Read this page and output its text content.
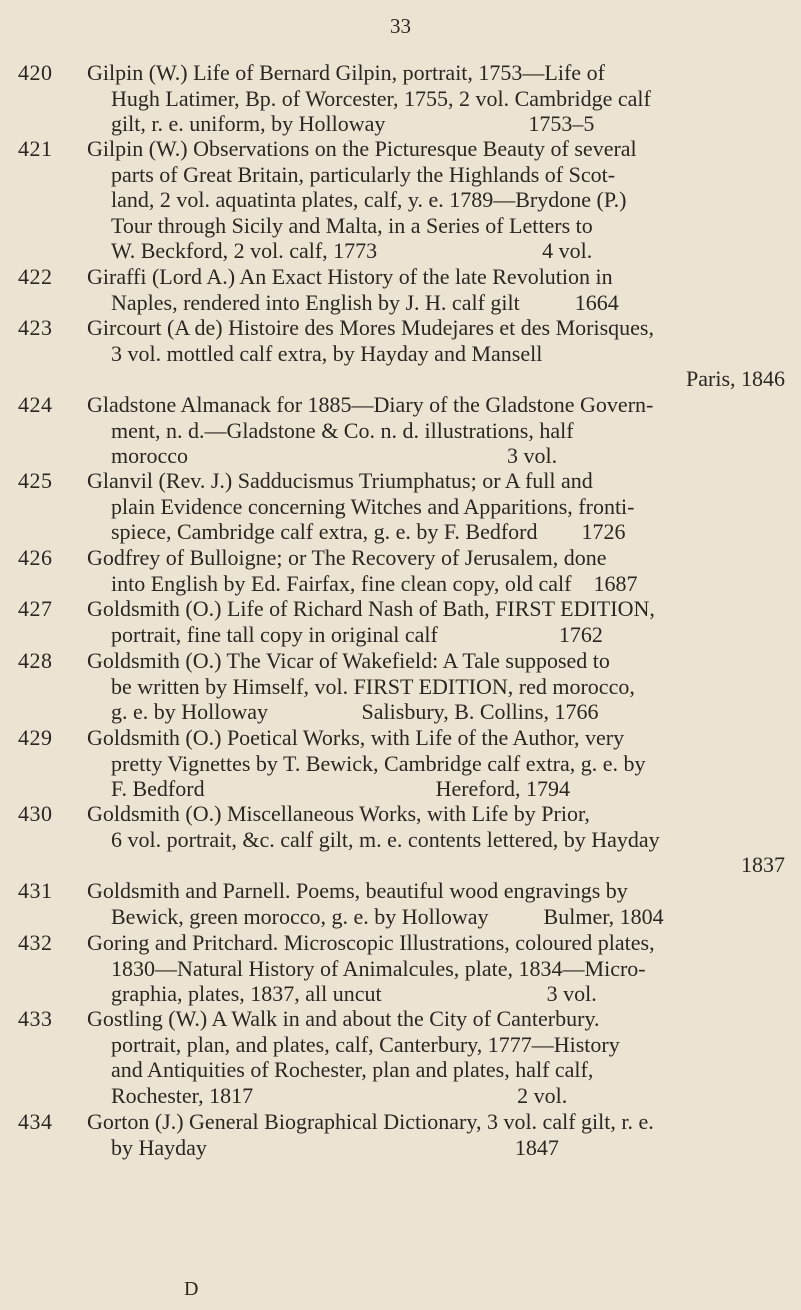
33
420	Gilpin (W.) Life of Bernard Gilpin, portrait, 1753—Life of
Hugh Latimer, Bp. of Worcester, 1755, 2 vol. Cambridge calf
gilt, r. e. uniform, by Holloway                          1753–5
421	Gilpin (W.) Observations on the Picturesque Beauty of several
parts of Great Britain, particularly the Highlands of Scot-
land, 2 vol. aquatinta plates, calf, y. e. 1789—Brydone (P.)
Tour through Sicily and Malta, in a Series of Letters to
W. Beckford, 2 vol. calf, 1773                              4 vol.
422	Giraffi (Lord A.) An Exact History of the late Revolution in
Naples, rendered into English by J. H. calf gilt          1664
423	Gircourt (A de) Histoire des Mores Mudejares et des Morisques,
3 vol. mottled calf extra, by Hayday and Mansell
Paris, 1846
424	Gladstone Almanack for 1885—Diary of the Gladstone Govern-
ment, n. d.—Gladstone & Co. n. d. illustrations, half
morocco                                                          3 vol.
425	Glanvil (Rev. J.) Sadducismus Triumphatus; or A full and
plain Evidence concerning Witches and Apparitions, fronti-
spiece, Cambridge calf extra, g. e. by F. Bedford        1726
426	Godfrey of Bulloigne; or The Recovery of Jerusalem, done
into English by Ed. Fairfax, fine clean copy, old calf    1687
427	Goldsmith (O.) Life of Richard Nash of Bath, FIRST EDITION,
portrait, fine tall copy in original calf                      1762
428	Goldsmith (O.) The Vicar of Wakefield: A Tale supposed to
be written by Himself, vol. FIRST EDITION, red morocco,
g. e. by Holloway                 Salisbury, B. Collins, 1766
429	Goldsmith (O.) Poetical Works, with Life of the Author, very
pretty Vignettes by T. Bewick, Cambridge calf extra, g. e. by
F. Bedford                                          Hereford, 1794
430	Goldsmith (O.) Miscellaneous Works, with Life by Prior,
6 vol. portrait, &c. calf gilt, m. e. contents lettered, by Hayday
1837
431	Goldsmith and Parnell. Poems, beautiful wood engravings by
Bewick, green morocco, g. e. by Holloway          Bulmer, 1804
432	Goring and Pritchard. Microscopic Illustrations, coloured plates,
1830—Natural History of Animalcules, plate, 1834—Micro-
graphia, plates, 1837, all uncut                              3 vol.
433	Gostling (W.) A Walk in and about the City of Canterbury.
portrait, plan, and plates, calf, Canterbury, 1777—History
and Antiquities of Rochester, plan and plates, half calf,
Rochester, 1817                                                2 vol.
434	Gorton (J.) General Biographical Dictionary, 3 vol. calf gilt, r. e.
by Hayday                                                        1847
D
